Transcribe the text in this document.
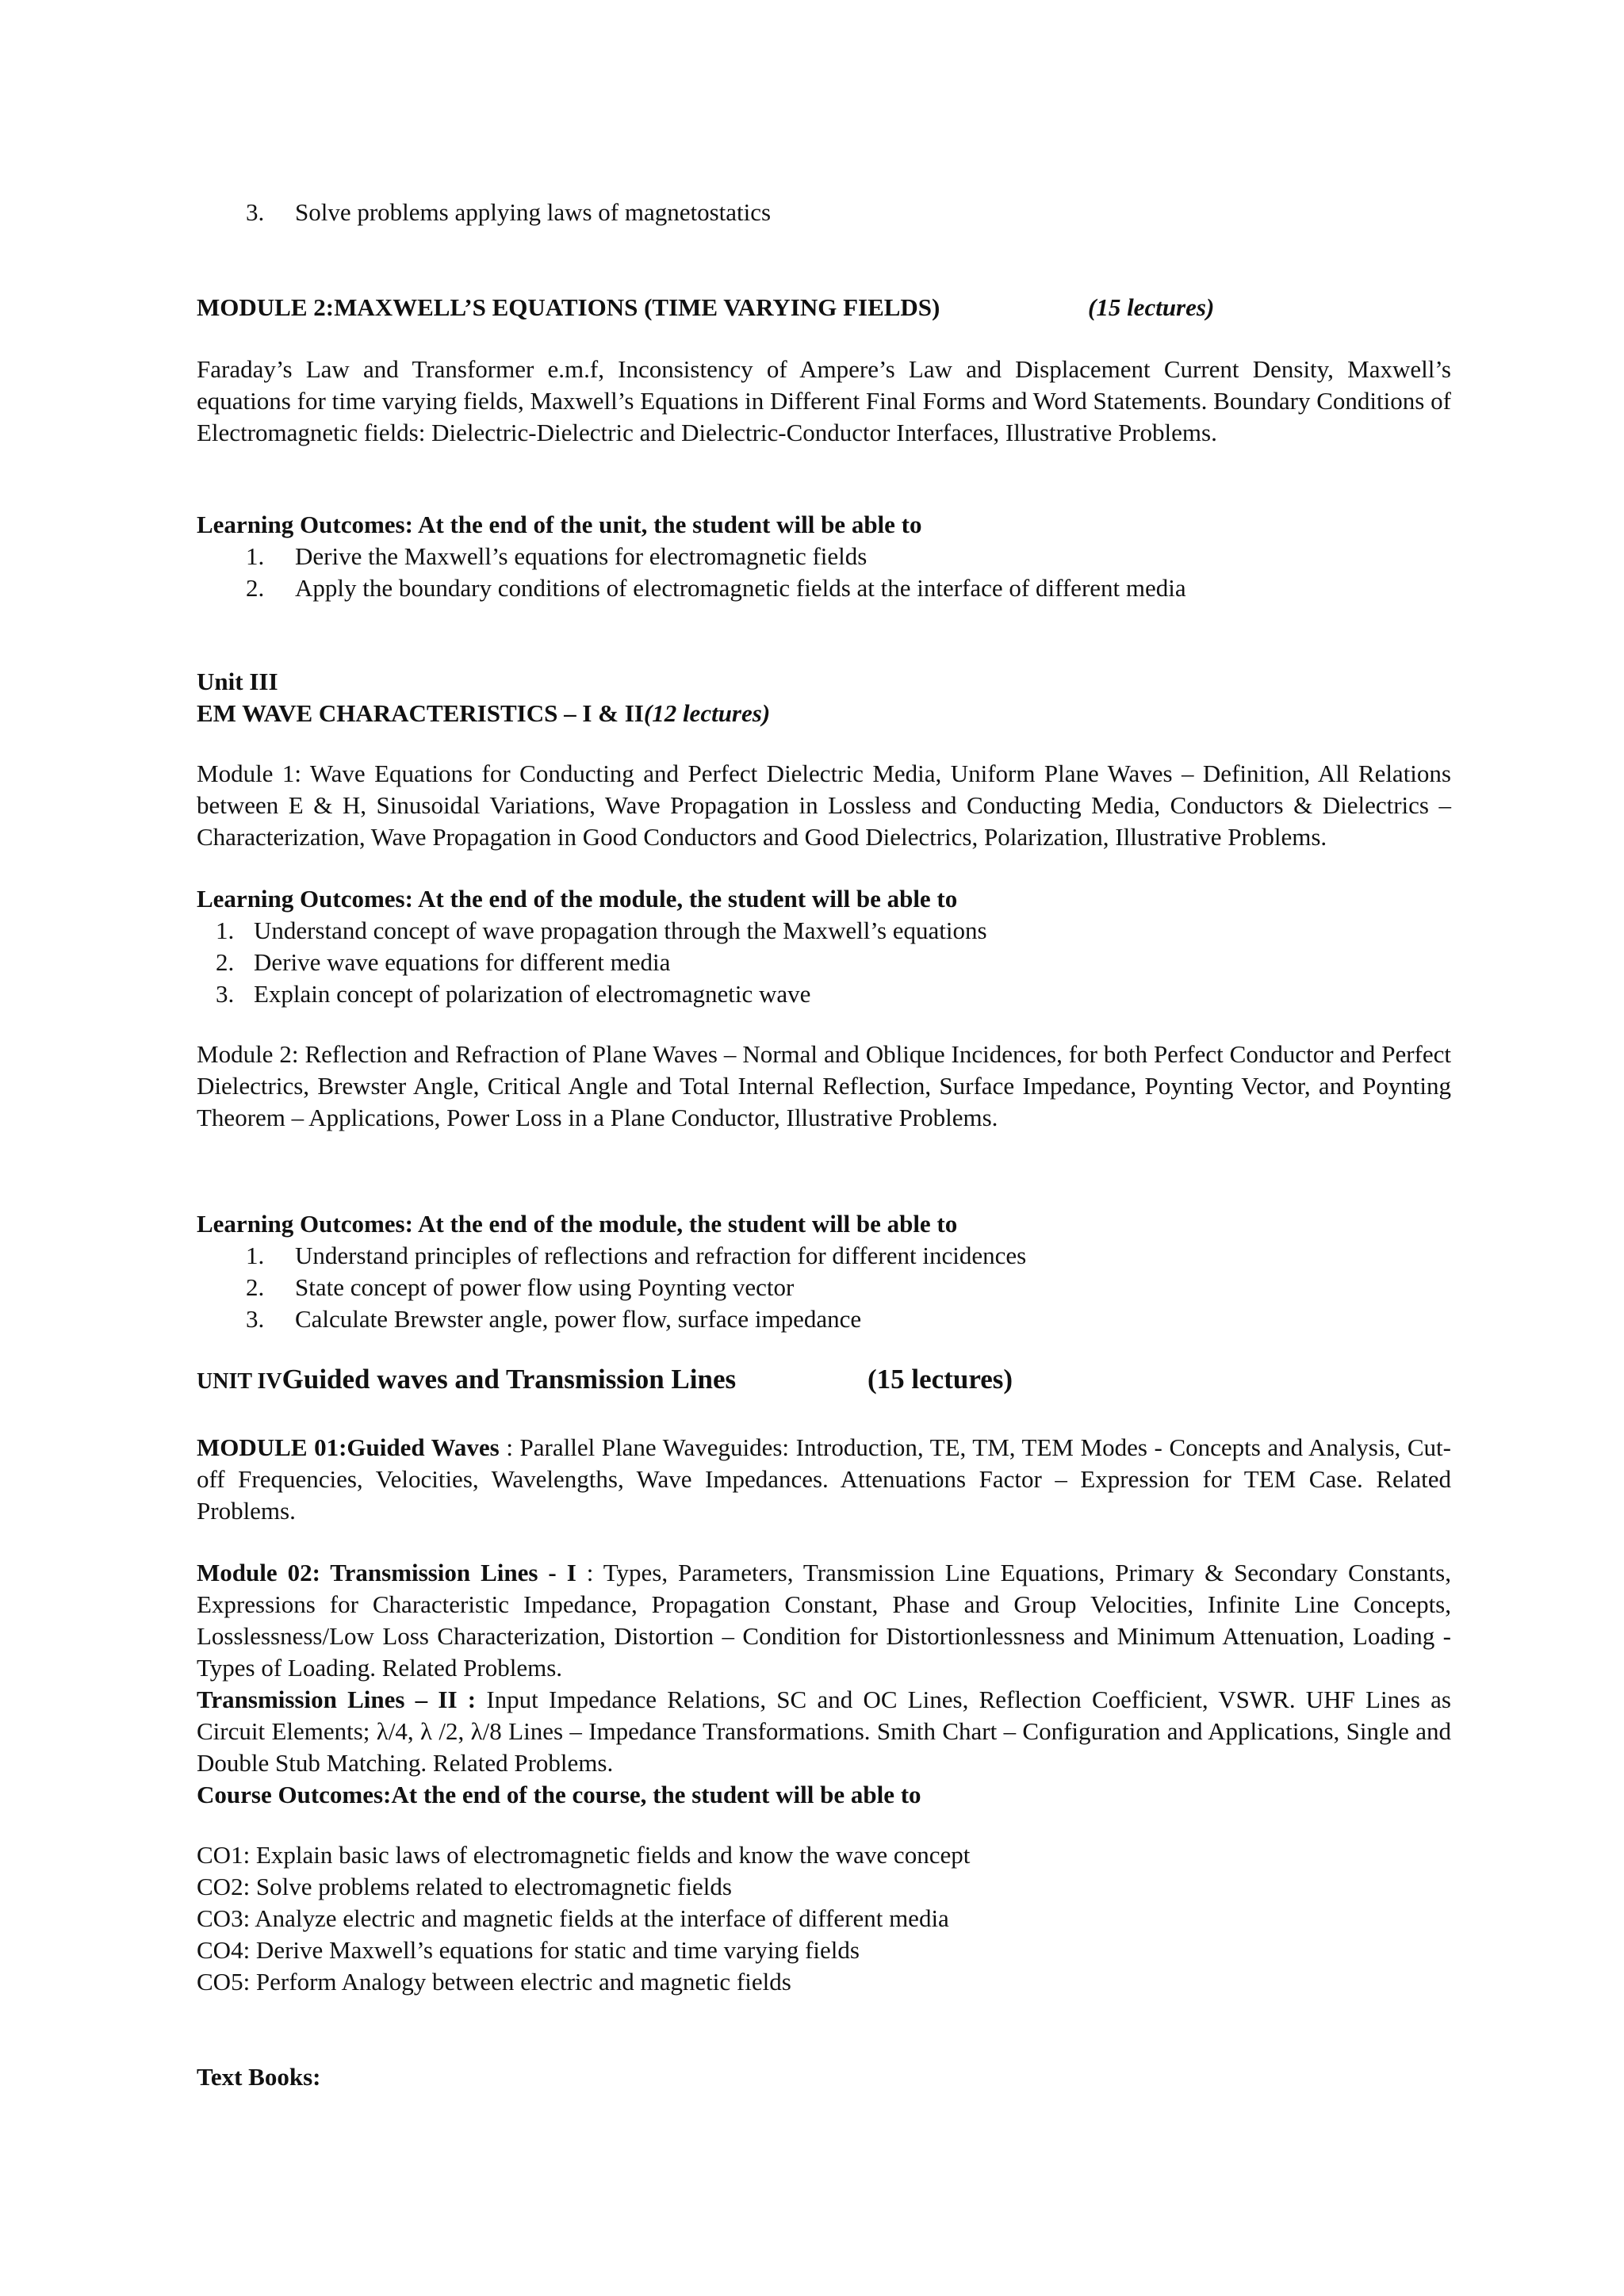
3. Solve problems applying laws of magnetostatics
MODULE 2:MAXWELL’S EQUATIONS (TIME VARYING FIELDS)	(15 lectures)
Faraday’s Law and Transformer e.m.f, Inconsistency of Ampere’s Law and Displacement Current Density, Maxwell’s equations for time varying fields, Maxwell’s Equations in Different Final Forms and Word Statements. Boundary Conditions of Electromagnetic fields: Dielectric-Dielectric and Dielectric-Conductor Interfaces, Illustrative Problems.
Learning Outcomes: At the end of the unit, the student will be able to
1. Derive the Maxwell’s equations for electromagnetic fields
2. Apply the boundary conditions of electromagnetic fields at the interface of different media
Unit III
EM WAVE CHARACTERISTICS – I & II(12 lectures)
Module 1: Wave Equations for Conducting and Perfect Dielectric Media, Uniform Plane Waves – Definition, All Relations between E & H, Sinusoidal Variations, Wave Propagation in Lossless and Conducting Media, Conductors & Dielectrics – Characterization, Wave Propagation in Good Conductors and Good Dielectrics, Polarization, Illustrative Problems.
Learning Outcomes: At the end of the module, the student will be able to
1. Understand concept of wave propagation through the Maxwell’s equations
2. Derive wave equations for different media
3. Explain concept of polarization of electromagnetic wave
Module 2: Reflection and Refraction of Plane Waves – Normal and Oblique Incidences, for both Perfect Conductor and Perfect Dielectrics, Brewster Angle, Critical Angle and Total Internal Reflection, Surface Impedance, Poynting Vector, and Poynting Theorem – Applications, Power Loss in a Plane Conductor, Illustrative Problems.
Learning Outcomes: At the end of the module, the student will be able to
1. Understand principles of reflections and refraction for different incidences
2. State concept of power flow using Poynting vector
3. Calculate Brewster angle, power flow, surface impedance
UNIT IVGuided waves and Transmission Lines	(15 lectures)
MODULE 01:Guided Waves : Parallel Plane Waveguides: Introduction, TE, TM, TEM Modes - Concepts and Analysis, Cut-off Frequencies, Velocities, Wavelengths, Wave Impedances. Attenuations Factor – Expression for TEM Case. Related Problems.
Module 02: Transmission Lines - I : Types, Parameters, Transmission Line Equations, Primary & Secondary Constants, Expressions for Characteristic Impedance, Propagation Constant, Phase and Group Velocities, Infinite Line Concepts, Losslessness/Low Loss Characterization, Distortion – Condition for Distortionlessness and Minimum Attenuation, Loading - Types of Loading. Related Problems.
Transmission Lines – II : Input Impedance Relations, SC and OC Lines, Reflection Coefficient, VSWR. UHF Lines as Circuit Elements; λ/4, λ /2, λ/8 Lines – Impedance Transformations. Smith Chart – Configuration and Applications, Single and Double Stub Matching. Related Problems.
Course Outcomes:At the end of the course, the student will be able to
CO1: Explain basic laws of electromagnetic fields and know the wave concept
CO2: Solve problems related to electromagnetic fields
CO3: Analyze electric and magnetic fields at the interface of different media
CO4: Derive Maxwell’s equations for static and time varying fields
CO5: Perform Analogy between electric and magnetic fields
Text Books:
